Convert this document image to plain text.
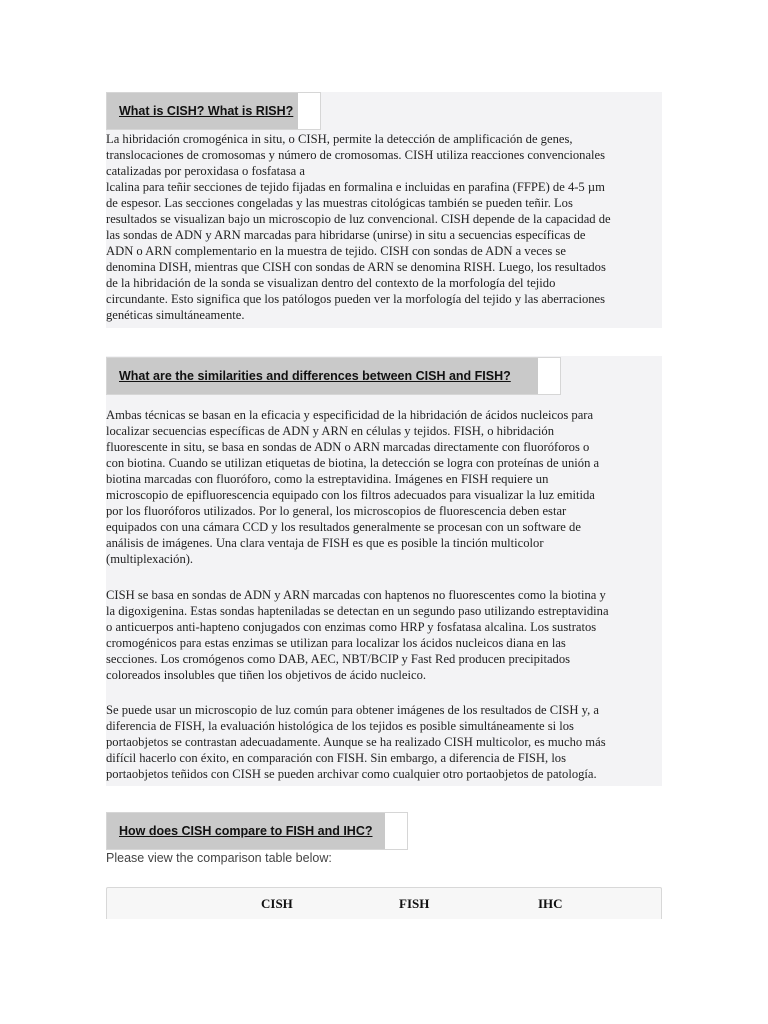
What is CISH? What is RISH?
La hibridación cromogénica in situ, o CISH, permite la detección de amplificación de genes,
translocaciones de cromosomas y número de cromosomas. CISH utiliza reacciones convencionales
catalizadas por peroxidasa o fosfatasa a
lcalina para teñir secciones de tejido fijadas en formalina e incluidas en parafina (FFPE) de 4-5 µm
de espesor. Las secciones congeladas y las muestras citológicas también se pueden teñir. Los
resultados se visualizan bajo un microscopio de luz convencional. CISH depende de la capacidad de
las sondas de ADN y ARN marcadas para hibridarse (unirse) in situ a secuencias específicas de
ADN o ARN complementario en la muestra de tejido. CISH con sondas de ADN a veces se
denomina DISH, mientras que CISH con sondas de ARN se denomina RISH. Luego, los resultados
de la hibridación de la sonda se visualizan dentro del contexto de la morfología del tejido
circundante. Esto significa que los patólogos pueden ver la morfología del tejido y las aberraciones
genéticas simultáneamente.
What are the similarities and differences between CISH and FISH?
Ambas técnicas se basan en la eficacia y especificidad de la hibridación de ácidos nucleicos para
localizar secuencias específicas de ADN y ARN en células y tejidos. FISH, o hibridación
fluorescente in situ, se basa en sondas de ADN o ARN marcadas directamente con fluoróforos o
con biotina. Cuando se utilizan etiquetas de biotina, la detección se logra con proteínas de unión a
biotina marcadas con fluoróforo, como la estreptavidina. Imágenes en FISH requiere un
microscopio de epifluorescencia equipado con los filtros adecuados para visualizar la luz emitida
por los fluoróforos utilizados. Por lo general, los microscopios de fluorescencia deben estar
equipados con una cámara CCD y los resultados generalmente se procesan con un software de
análisis de imágenes. Una clara ventaja de FISH es que es posible la tinción multicolor
(multiplexación).
CISH se basa en sondas de ADN y ARN marcadas con haptenos no fluorescentes como la biotina y
la digoxigenina. Estas sondas hapteniladas se detectan en un segundo paso utilizando estreptavidina
o anticuerpos anti-hapteno conjugados con enzimas como HRP y fosfatasa alcalina. Los sustratos
cromogénicos para estas enzimas se utilizan para localizar los ácidos nucleicos diana en las
secciones. Los cromógenos como DAB, AEC, NBT/BCIP y Fast Red producen precipitados
coloreados insolubles que tiñen los objetivos de ácido nucleico.
Se puede usar un microscopio de luz común para obtener imágenes de los resultados de CISH y, a
diferencia de FISH, la evaluación histológica de los tejidos es posible simultáneamente si los
portaobjetos se contrastan adecuadamente. Aunque se ha realizado CISH multicolor, es mucho más
difícil hacerlo con éxito, en comparación con FISH. Sin embargo, a diferencia de FISH, los
portaobjetos teñidos con CISH se pueden archivar como cualquier otro portaobjetos de patología.
How does CISH compare to FISH and IHC?
Please view the comparison table below:
CISH	FISH	IHC
